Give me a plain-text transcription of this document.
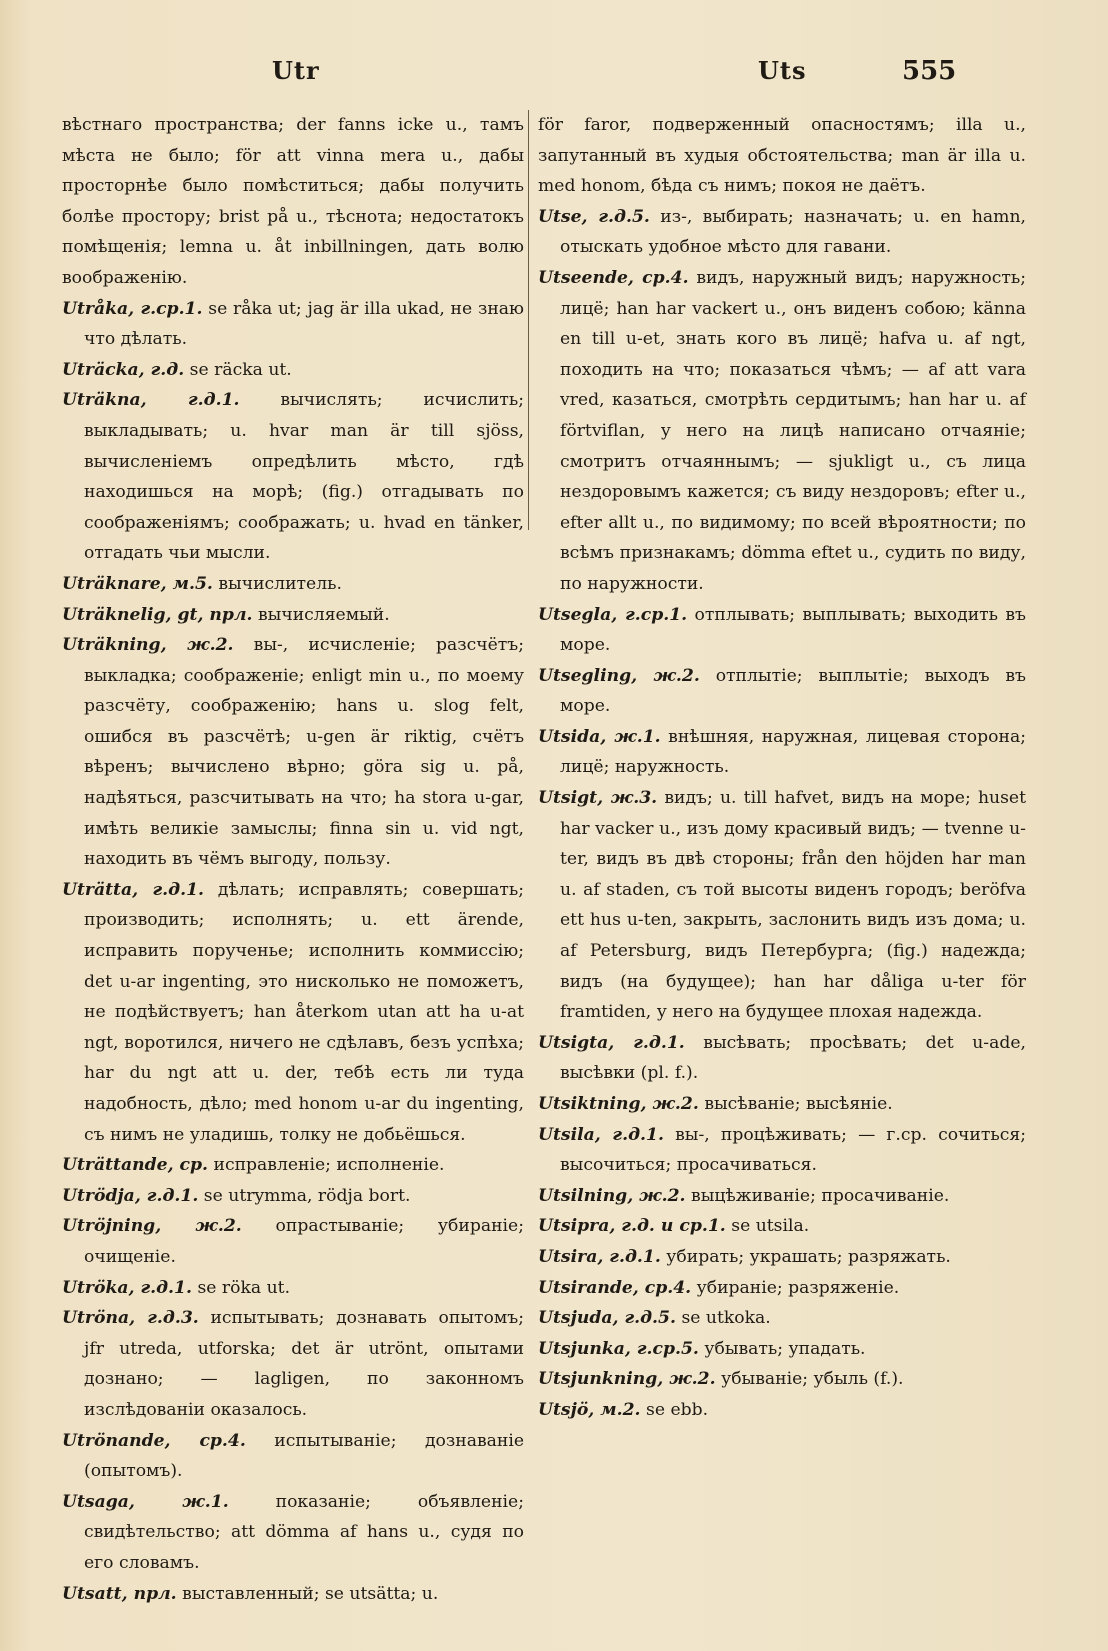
Utr	Uts	555

вѣстнаго пространства; der fanns icke u., тамъ мѣста не было; för att vinna mera u., дабы просторнѣе было помѣститься; дабы получить болѣе простору; brist på u., тѣснота; недостатокъ помѣщенія; lemna u. åt inbillningen, дать волю воображенію.

Utråka, г.ср.1. se råka ut; jag är illa ukad, не знаю что дѣлать.

Uträcka, г.д. se räcka ut.

Uträkna, г.д.1. вычислять; исчислить; выкладывать; u. hvar man är till sjöss, вычисленіемъ опредѣлить мѣсто, гдѣ находишься на морѣ; (fig.) отгадывать по соображеніямъ; соображать; u. hvad en tänker, отгадать чьи мысли.

Uträknare, м.5. вычислитель.

Uträknelig, gt, прл. вычисляемый.

Uträkning, ж.2. вы-, исчисленіе; разсчётъ; выкладка; соображеніе; enligt min u., по моему разсчёту, соображенію; hans u. slog felt, ошибся въ разсчётѣ; u-gen är riktig, счётъ вѣренъ; вычислено вѣрно; göra sig u. på, надѣяться, разсчитывать на что; ha stora u-gar, имѣть великіе замыслы; finna sin u. vid ngt, находить въ чёмъ выгоду, пользу.

Uträtta, г.д.1. дѣлать; исправлять; совершать; производить; исполнять; u. ett ärende, исправить порученье; исполнить коммиссію; det u-ar ingenting, это нисколько не поможетъ, не подѣйствуетъ; han återkom utan att ha u-at ngt, воротился, ничего не сдѣлавъ, безъ успѣха; har du ngt att u. der, тебѣ есть ли туда надобность, дѣло; med honom u-ar du ingenting, съ нимъ не уладишь, толку не добьёшься.

Uträttande, ср. исправленіе; исполненіе.

Utrödja, г.д.1. se utrymma, rödja bort.

Utröjning, ж.2. опрастываніе; убираніе; очищеніе.

Utröka, г.д.1. se röka ut.

Utröna, г.д.3. испытывать; дознавать опытомъ; jfr utreda, utforska; det är utrönt, опытами дознано; — lagligen, по законномъ изслѣдованіи оказалось.

Utrönande, ср.4. испытываніе; дознаваніе (опытомъ).

Utsaga, ж.1.	показаніе; объявленіе; свидѣтельство; att dömma af hans u., судя по его словамъ.

Utsatt, прл. выставленный; se utsätta; u.

för faror, подверженный опасностямъ; illa u., запутанный въ худыя обстоятельства; man är illa u. med honom, бѣда съ нимъ; покоя не даётъ.

Utse, г.д.5. из-, выбирать; назначать; u. en hamn, отыскать удобное мѣсто для гавани.

Utseende, ср.4. видъ, наружный видъ; наружность; лицё; han har vackert u., онъ виденъ собою; känna en till u-et, знать кого въ лицё; hafva u. af ngt, походить на что; показаться чѣмъ; — af att vara vred, казаться, смотрѣть сердитымъ; han har u. af förtviflan, у него на лицѣ написано отчаяніе; смотритъ отчаяннымъ; — sjukligt u., съ лица нездоровымъ кажется; съ виду нездоровъ; efter u., efter allt u., по видимому; по всей вѣроятности; по всѣмъ признакамъ; dömma eftet u., судить по виду, по наружности.

Utsegla, г.ср.1. отплывать; выплывать; выходить въ море.

Utsegling, ж.2. отплытіе; выплытіе; выходъ въ море.

Utsida, ж.1. внѣшняя, наружная, лицевая сторона; лицё; наружность.

Utsigt, ж.3. видъ; u. till hafvet, видъ на море; huset har vacker u., изъ дому красивый видъ; — tvenne u-ter, видъ въ двѣ стороны; från den höjden har man u. af staden, съ той высоты виденъ городъ; beröfva ett hus u-ten, закрыть, заслонить видъ изъ дома; u. af Petersburg, видъ Петербурга; (fig.) надежда; видъ (на будущее); han har dåliga u-ter för framtiden, у него на будущее плохая надежда.

Utsigta, г.д.1. высѣвать; просѣвать; det u-ade, высѣвки (pl. f.).

Utsiktning, ж.2. высѣваніе; высѣяніе.

Utsila, г.д.1. вы-, процѣживать; — г.ср. сочиться; высочиться; просачиваться.

Utsilning, ж.2. выцѣживаніе; просачиваніе.

Utsipra, г.д. и ср.1. se utsila.

Utsira, г.д.1. убирать; украшать; разряжать.

Utsirande, ср.4. убираніе; разряженіе.

Utsjuda, г.д.5. se utkoka.

Utsjunka, г.ср.5. убывать; упадать.

Utsjunkning, ж.2. убываніе; убыль (f.).

Utsjö, м.2. se ebb.
